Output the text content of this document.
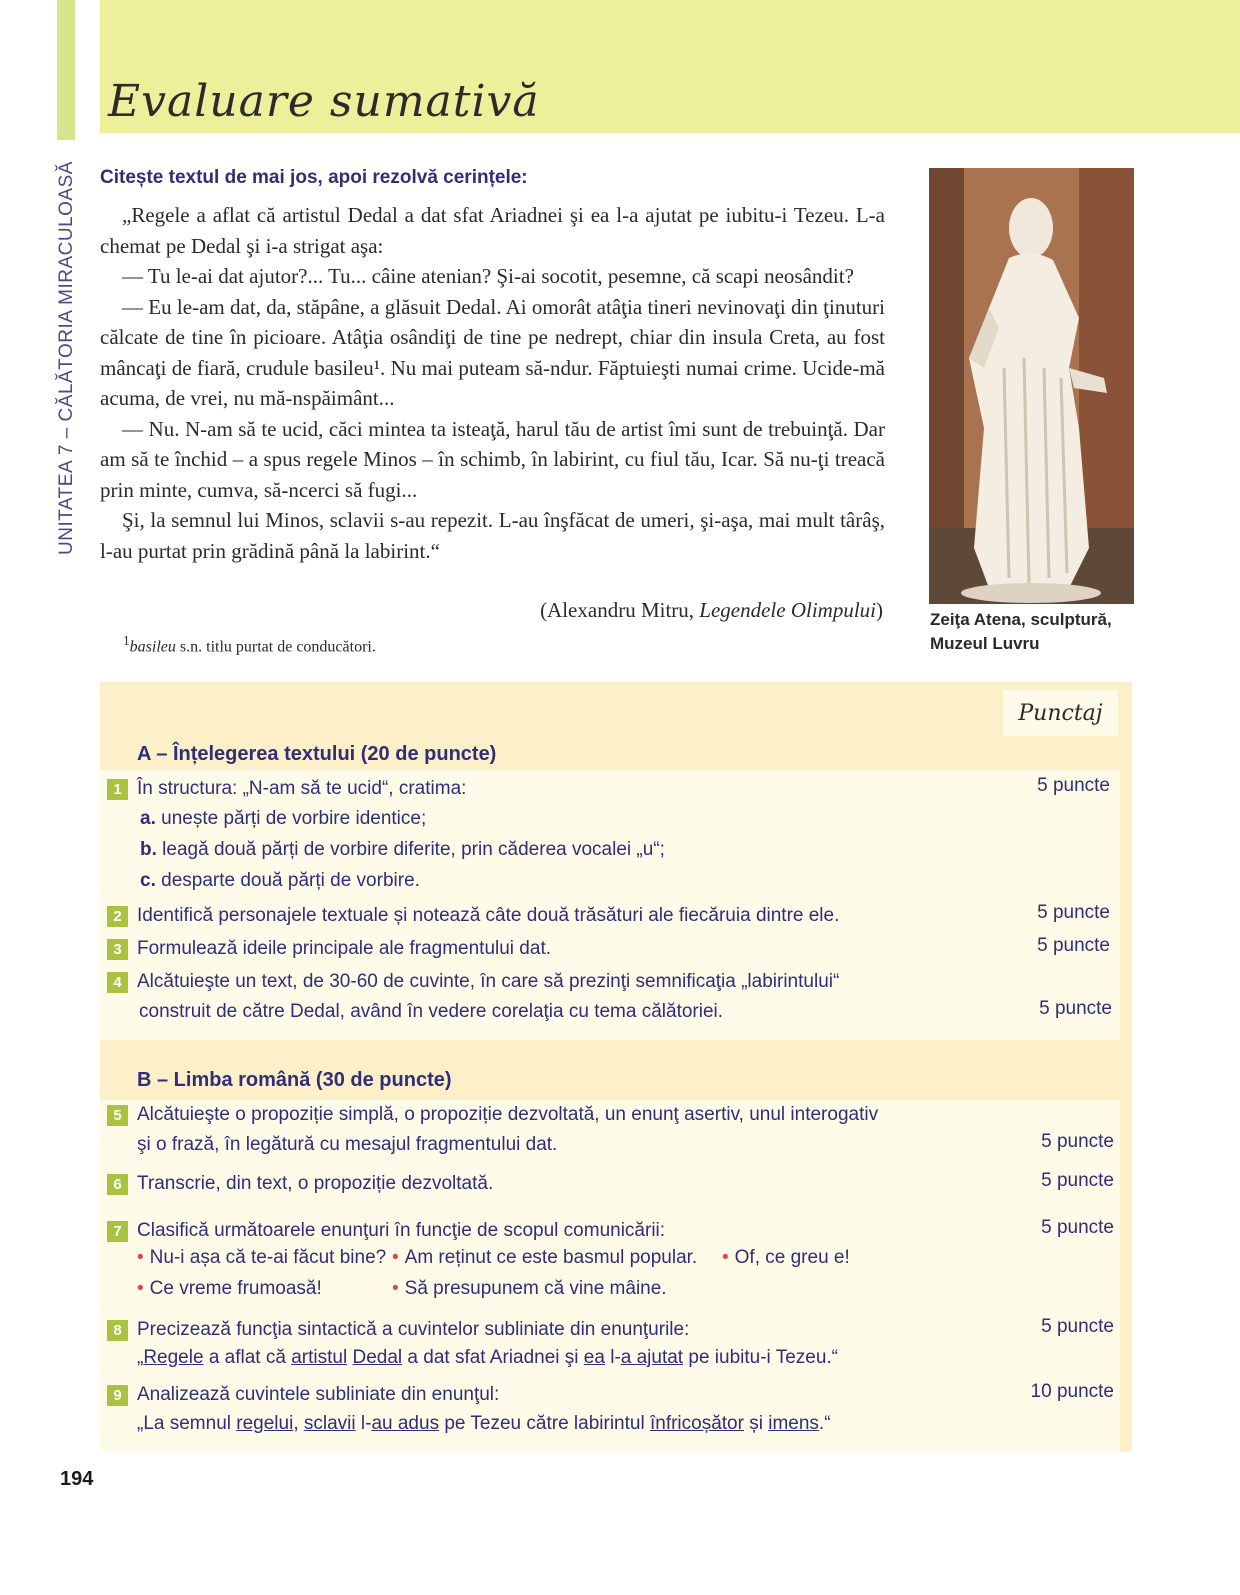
UNITATEA 7 – CĂLĂTORIA MIRACULOASĂ
Evaluare sumativă
Citește textul de mai jos, apoi rezolvă cerințele:

„Regele a aflat că artistul Dedal a dat sfat Ariadnei şi ea l-a ajutat pe iubitu-i Tezeu. L-a chemat pe Dedal şi i-a strigat aşa:

— Tu le-ai dat ajutor?... Tu... câine atenian? Şi-ai socotit, pesemne, că scapi neosândit?

— Eu le-am dat, da, stăpâne, a glăsuit Dedal. Ai omorât atâţia tineri nevinovaţi din ţinuturi călcate de tine în picioare. Atâţia osândiţi de tine pe nedrept, chiar din insula Creta, au fost mâncaţi de fiară, crudule basileu¹. Nu mai puteam să-ndur. Făptuieşti numai crime. Ucide-mă acuma, de vrei, nu mă-nspăimânt...

— Nu. N-am să te ucid, căci mintea ta isteaţă, harul tău de artist îmi sunt de trebuinţă. Dar am să te închid – a spus regele Minos – în schimb, în labirint, cu fiul tău, Icar. Să nu-ţi treacă prin minte, cumva, să-ncerci să fugi...

Şi, la semnul lui Minos, sclavii s-au repezit. L-au înşfăcat de umeri, şi-aşa, mai mult târâş, l-au purtat prin grădină până la labirint.“

(Alexandru Mitru, Legendele Olimpului)
$^1$basileu s.n. titlu purtat de conducători.
Zeiţa Atena, sculptură, Muzeul Luvru
Punctaj
A – Înțelegerea textului (20 de puncte)
1 În structura: „N-am să te ucid“, cratima:	5 puncte
a. unește părți de vorbire identice;
b. leagă două părți de vorbire diferite, prin căderea vocalei „u“;
c. desparte două părți de vorbire.
2 Identifică personajele textuale și notează câte două trăsături ale fiecăruia dintre ele.	5 puncte
3 Formulează ideile principale ale fragmentului dat.	5 puncte
4 Alcătuieşte un text, de 30-60 de cuvinte, în care să prezinţi semnificaţia „labirintului“
construit de către Dedal, având în vedere corelaţia cu tema călătoriei.	5 puncte
B – Limba română (30 de puncte)
5 Alcătuieşte o propoziție simplă, o propoziție dezvoltată, un enunţ asertiv, unul interogativ
şi o frază, în legătură cu mesajul fragmentului dat.	5 puncte
6 Transcrie, din text, o propoziție dezvoltată.	5 puncte
7 Clasifică următoarele enunţuri în funcţie de scopul comunicării:	5 puncte
• Nu-i așa că te-ai făcut bine? • Am reținut ce este basmul popular. • Of, ce greu e!
• Ce vreme frumoasă!	• Să presupunem că vine mâine.
8 Precizează funcţia sintactică a cuvintelor subliniate din enunţurile:	5 puncte
„Regele a aflat că artistul Dedal a dat sfat Ariadnei şi ea l-a ajutat pe iubitu-i Tezeu.“
9 Analizează cuvintele subliniate din enunţul:	10 puncte
„La semnul regelui, sclavii l-au adus pe Tezeu către labirintul înfricoșător și imens.“
194
